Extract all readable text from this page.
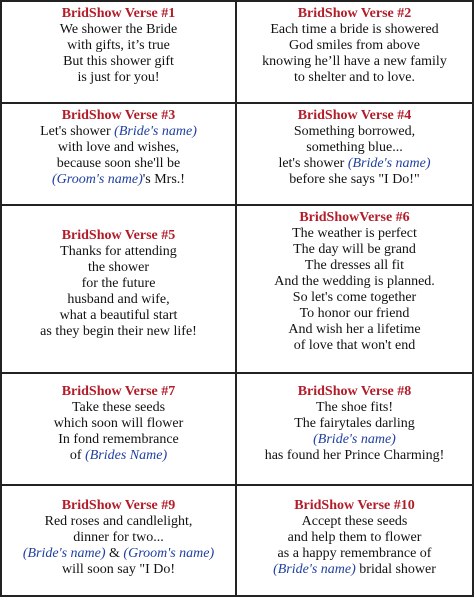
BridShow Verse #1
We shower the Bride
with gifts, it’s true
But this shower gift
is just for you!
BridShow Verse #2
Each time a bride is showered
God smiles from above
knowing he’ll have a new family
to shelter and to love.
BridShow Verse #3
Let's shower (Bride's name)
with love and wishes,
because soon she'll be
(Groom's name)'s Mrs.!
BridShow Verse #4
Something borrowed,
something blue...
let's shower (Bride's name)
before she says "I Do!"
BridShow Verse #5
Thanks for attending
the shower
for the future
husband and wife,
what a beautiful start
as they begin their new life!
BridShowVerse #6
The weather is perfect
The day will be grand
The dresses all fit
And the wedding is planned.
So let's come together
To honor our friend
And wish her a lifetime
of love that won't end
BridShow Verse #7
Take these seeds
which soon will flower
In fond remembrance
of (Brides Name)
BridShow Verse #8
The shoe fits!
The fairytales darling
(Bride's name)
has found her Prince Charming!
BridShow Verse #9
Red roses and candlelight,
dinner for two...
(Bride's name) & (Groom's name)
will soon say "I Do!
BridShow Verse #10
Accept these seeds
and help them to flower
as a happy remembrance of
(Bride's name) bridal shower
